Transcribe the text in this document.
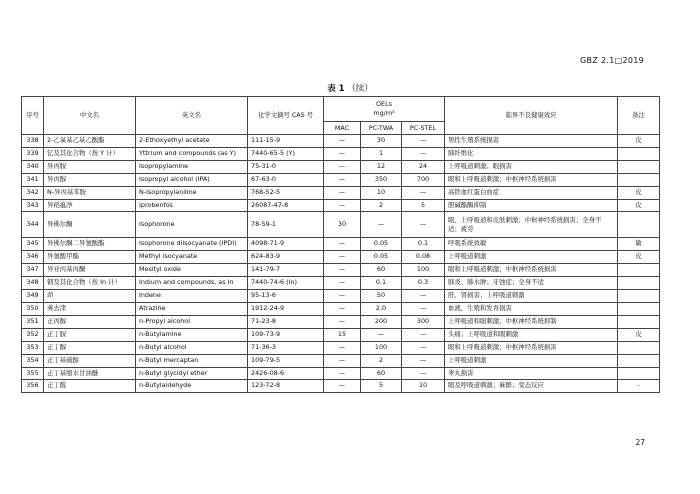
GBZ 2.1□2019
表 1 （续）
序号	中文名	英文名	化学文摘号 CAS 号	OELs
mg/m³			临界不良健康效应	备注
				MAC	PC-TWA	PC-STEL		
338	2-乙氧基乙基乙酸酯	2-Ethoxyethyl acetate	111-15-9	—	30	—	男性生殖系统损害	皮
339	钇及其化合物（按 Y 计）	Yttrium and compounds (as Y)	7440-65-5 (Y)	—	1	—	肺纤维化	
340	异丙胺	Isopropylamine	75-31-0	—	12	24	上呼吸道刺激；眼损害	
341	异丙醇	Isopropyl alcohol (IPA)	67-63-0	—	350	700	眼和上呼吸道刺激；中枢神经系统损害	
342	N-异丙基苯胺	N-Isopropylaniline	768-52-5	—	10	—	高铁血红蛋白血症	皮
343	异稻瘟净	Iprobenfos	26087-47-8	—	2	5	胆碱酯酶抑制	皮
344	异佛尔酮	Isophorone	78-59-1	30	—	—	眼、上呼吸道和皮肤刺激；中枢神经系统损害；全身不适；疲劳	
345	异佛尔酮二异氰酸酯	Isophorone diisocyanate (IPDI)	4098-71-9	—	0.05	0.1	呼吸系统致敏	敏
346	异氰酸甲酯	Methyl isocyanate	624-83-9	—	0.05	0.08	上呼吸道刺激	皮
347	异亚丙基丙酮	Mesityl oxide	141-79-7	—	60	100	眼和上呼吸道刺激；中枢神经系统损害	
348	铟及其化合物（按 In 计）	Indium and compounds, as In	7440-74-6 (In)	—	0.1	0.3	肺炎、肺水肿；牙蚀症；全身不适	
349	茚	Indene	95-13-6	—	50	—	肝、肾损害；上呼吸道刺激	
350	莠去津	Atrazine	1912-24-9	—	2.0	—	血液，生殖和发育损害	
351	正丙醇	n-Propyl alcohol	71-23-8	—	200	300	上呼吸道和眼刺激；中枢神经系统抑制	
352	正丁胺	n-Butylamine	109-73-9	15	—	—	头痛；上呼吸道和眼刺激	皮
353	正丁醇	n-Butyl alcohol	71-36-3	—	100	—	眼和上呼吸道刺激；中枢神经系统损害	
354	正丁基硫醇	n-Butyl mercaptan	109-79-5	—	2	—	上呼吸道刺激	
355	正丁基缩水甘油醚	n-Butyl glycidyl ether	2426-08-6	—	60	—	睾丸损害	
356	正丁醛	n-Butylaldehyde	123-72-8	—	5	10	眼及呼吸道刺激；麻醉；变态反应	-
27
